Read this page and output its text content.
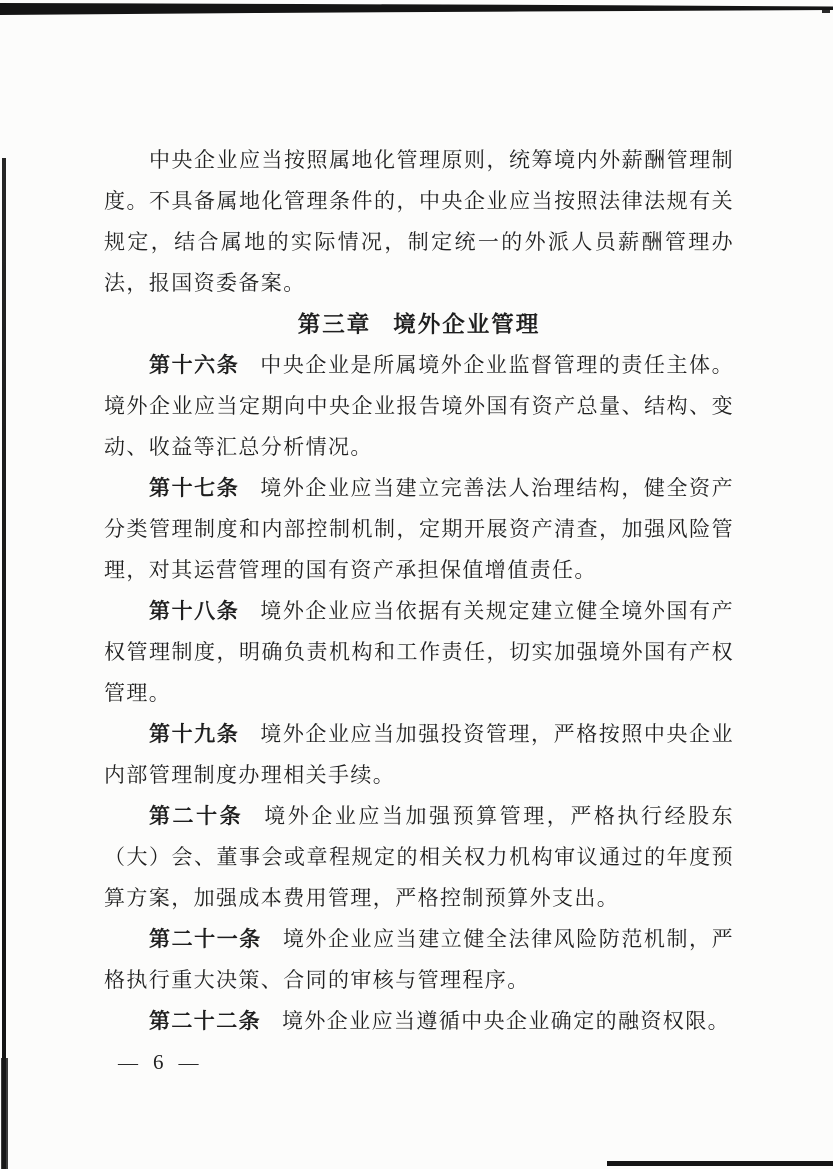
中央企业应当按照属地化管理原则，统筹境内外薪酬管理制度。不具备属地化管理条件的，中央企业应当按照法律法规有关规定，结合属地的实际情况，制定统一的外派人员薪酬管理办法，报国资委备案。

第三章 境外企业管理

第十六条 中央企业是所属境外企业监督管理的责任主体。境外企业应当定期向中央企业报告境外国有资产总量、结构、变动、收益等汇总分析情况。

第十七条 境外企业应当建立完善法人治理结构，健全资产分类管理制度和内部控制机制，定期开展资产清查，加强风险管理，对其运营管理的国有资产承担保值增值责任。

第十八条 境外企业应当依据有关规定建立健全境外国有产权管理制度，明确负责机构和工作责任，切实加强境外国有产权管理。

第十九条 境外企业应当加强投资管理，严格按照中央企业内部管理制度办理相关手续。

第二十条 境外企业应当加强预算管理，严格执行经股东（大）会、董事会或章程规定的相关权力机构审议通过的年度预算方案，加强成本费用管理，严格控制预算外支出。

第二十一条 境外企业应当建立健全法律风险防范机制，严格执行重大决策、合同的审核与管理程序。

第二十二条 境外企业应当遵循中央企业确定的融资权限。

— 6 —
